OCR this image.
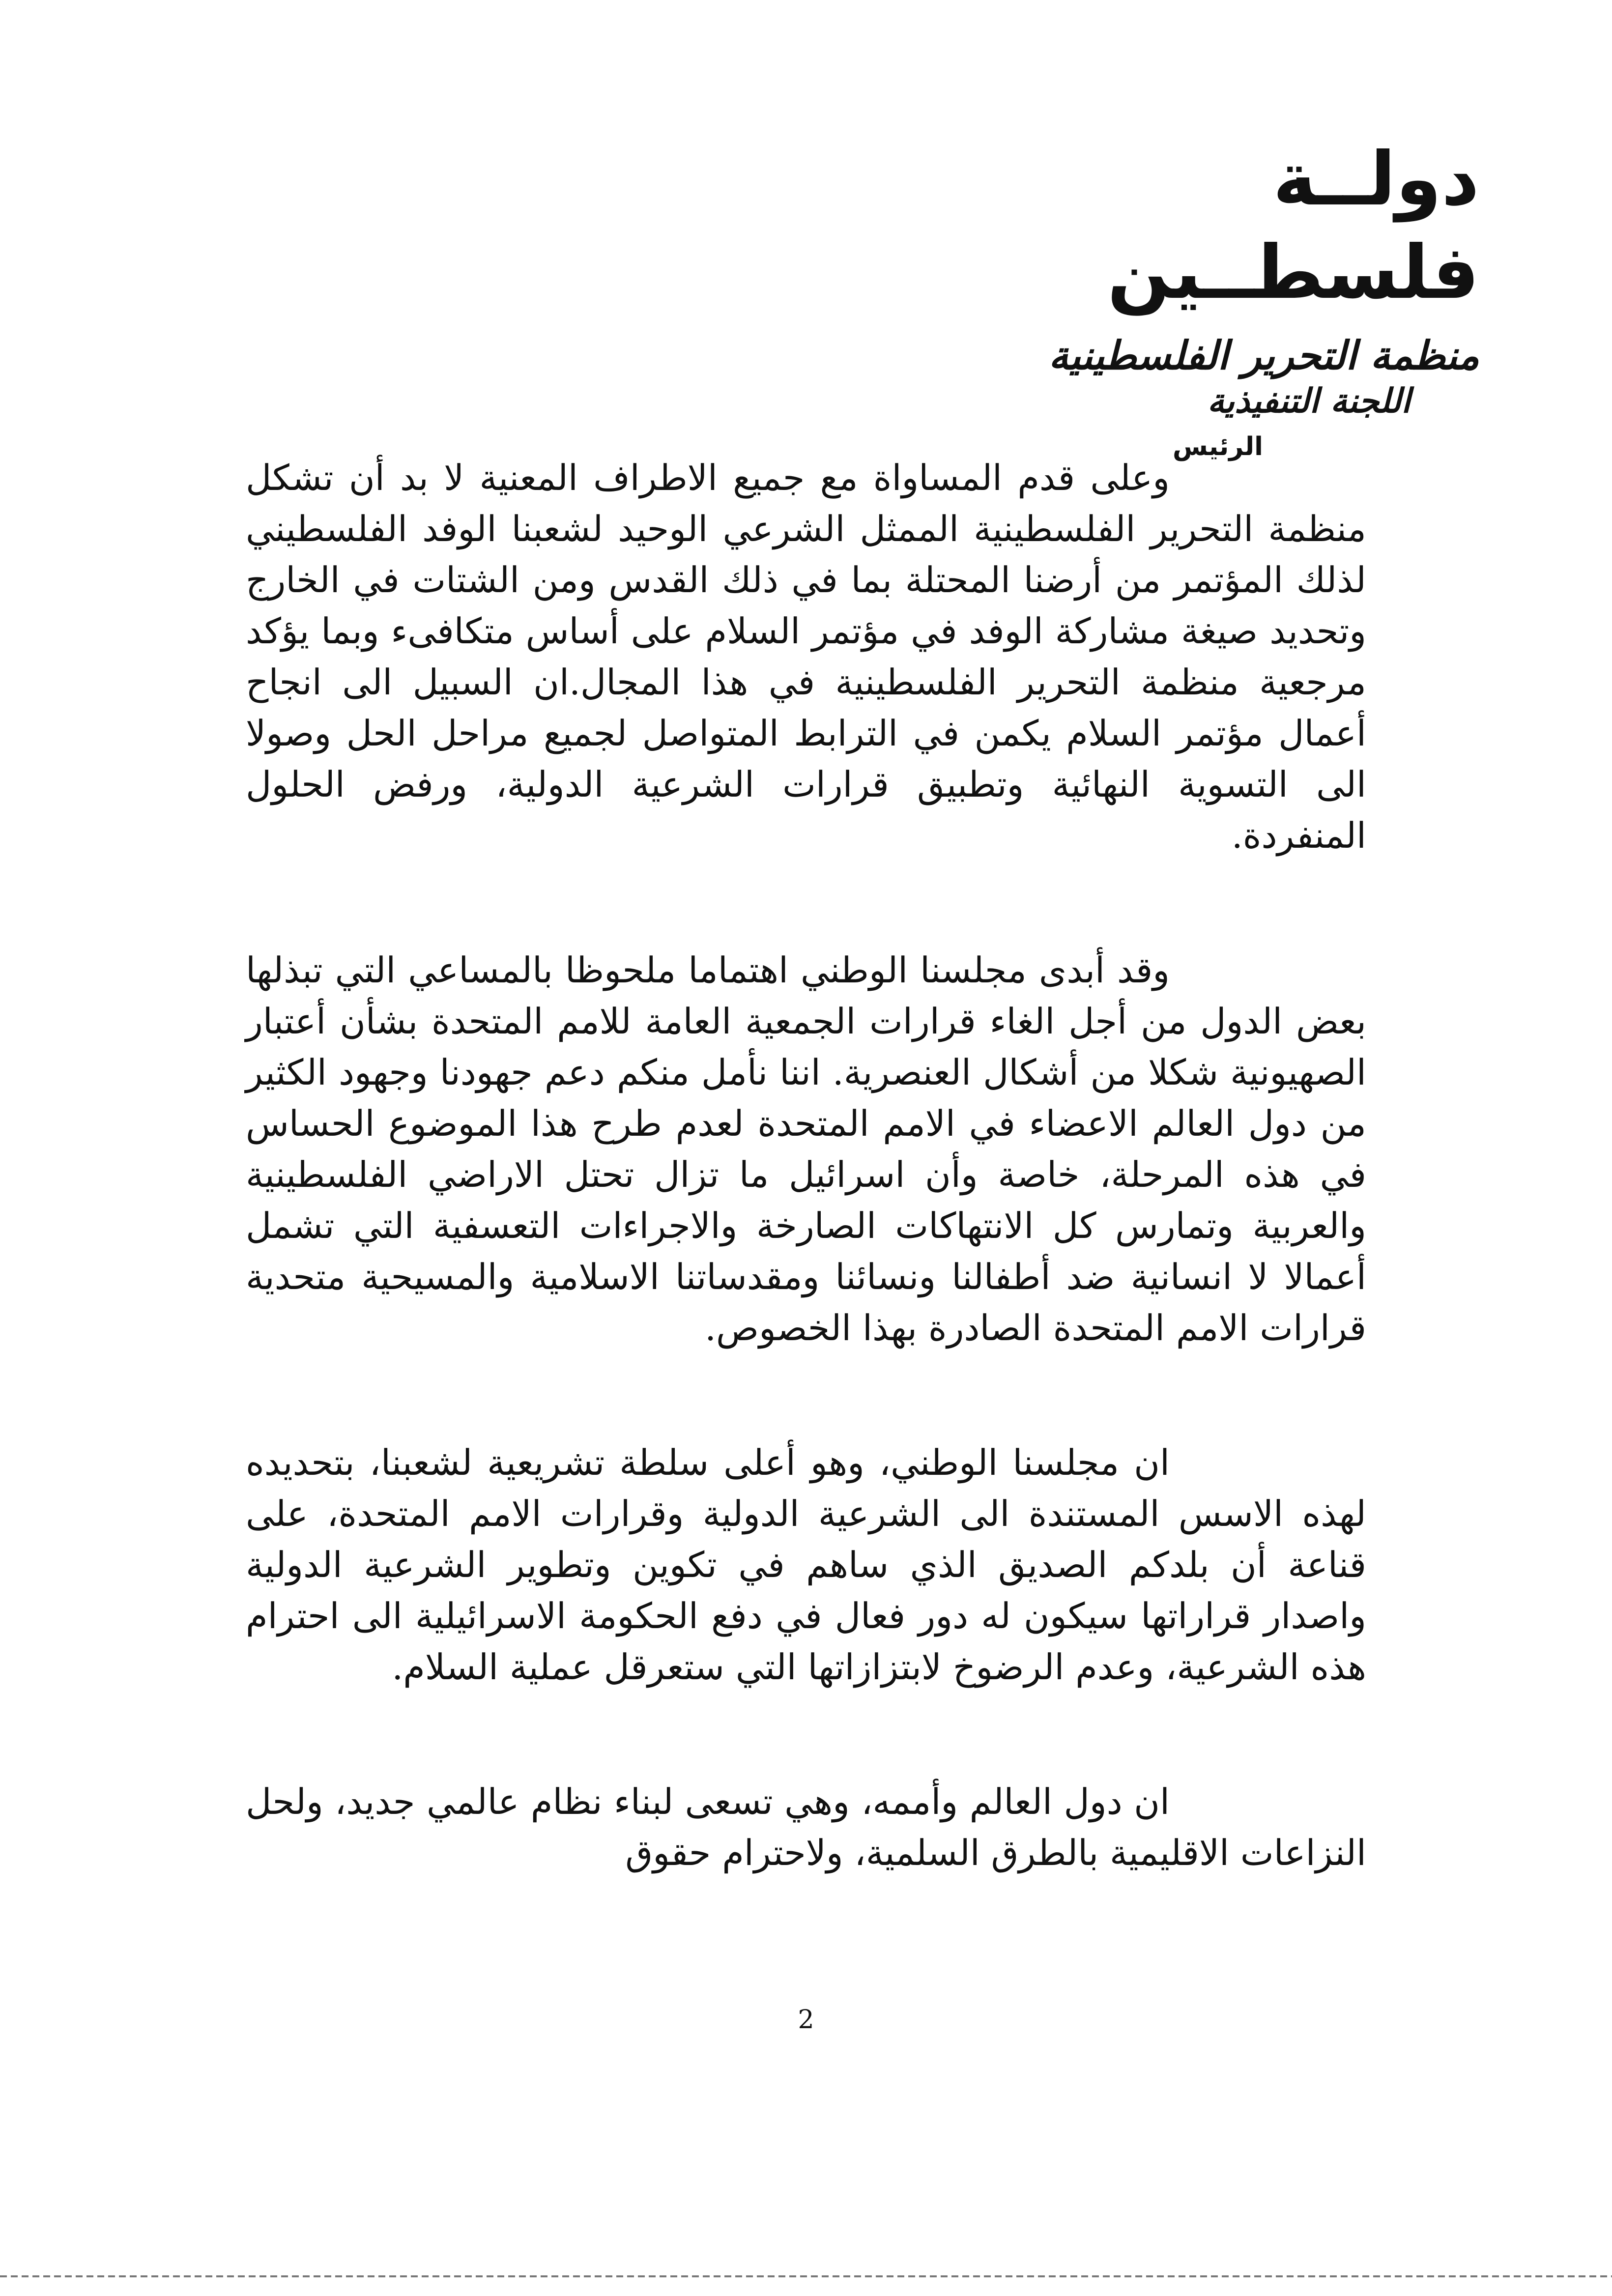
دولــة فلسطــين

منظمة التحرير الفلسطينية

اللجنة التنفيذية

الرئيس

وعلى قدم المساواة مع جميع الاطراف المعنية لا بد أن تشكل منظمة التحرير الفلسطينية الممثل الشرعي الوحيد لشعبنا الوفد الفلسطيني لذلك المؤتمر من أرضنا المحتلة بما في ذلك القدس ومن الشتات في الخارج وتحديد صيغة مشاركة الوفد في مؤتمر السلام على أساس متكافىء وبما يؤكد مرجعية منظمة التحرير الفلسطينية في هذا المجال.ان السبيل الى انجاح أعمال مؤتمر السلام يكمن في الترابط المتواصل لجميع مراحل الحل وصولا الى التسوية النهائية وتطبيق قرارات الشرعية الدولية، ورفض الحلول المنفردة.

وقد أبدى مجلسنا الوطني اهتماما ملحوظا بالمساعي التي تبذلها بعض الدول من أجل الغاء قرارات الجمعية العامة للامم المتحدة بشأن أعتبار الصهيونية شكلا من أشكال العنصرية. اننا نأمل منكم دعم جهودنا وجهود الكثير من دول العالم الاعضاء في الامم المتحدة لعدم طرح هذا الموضوع الحساس في هذه المرحلة، خاصة وأن اسرائيل ما تزال تحتل الاراضي الفلسطينية والعربية وتمارس كل الانتهاكات الصارخة والاجراءات التعسفية التي تشمل أعمالا لا انسانية ضد أطفالنا ونسائنا ومقدساتنا الاسلامية والمسيحية متحدية قرارات الامم المتحدة الصادرة بهذا الخصوص.

ان مجلسنا الوطني، وهو أعلى سلطة تشريعية لشعبنا، بتحديده لهذه الاسس المستندة الى الشرعية الدولية وقرارات الامم المتحدة، على قناعة أن بلدكم الصديق الذي ساهم في تكوين وتطوير الشرعية الدولية واصدار قراراتها سيكون له دور فعال في دفع الحكومة الاسرائيلية الى احترام هذه الشرعية، وعدم الرضوخ لابتزازاتها التي ستعرقل عملية السلام.

ان دول العالم وأممه، وهي تسعى لبناء نظام عالمي جديد، ولحل النزاعات الاقليمية بالطرق السلمية، ولاحترام حقوق

2
